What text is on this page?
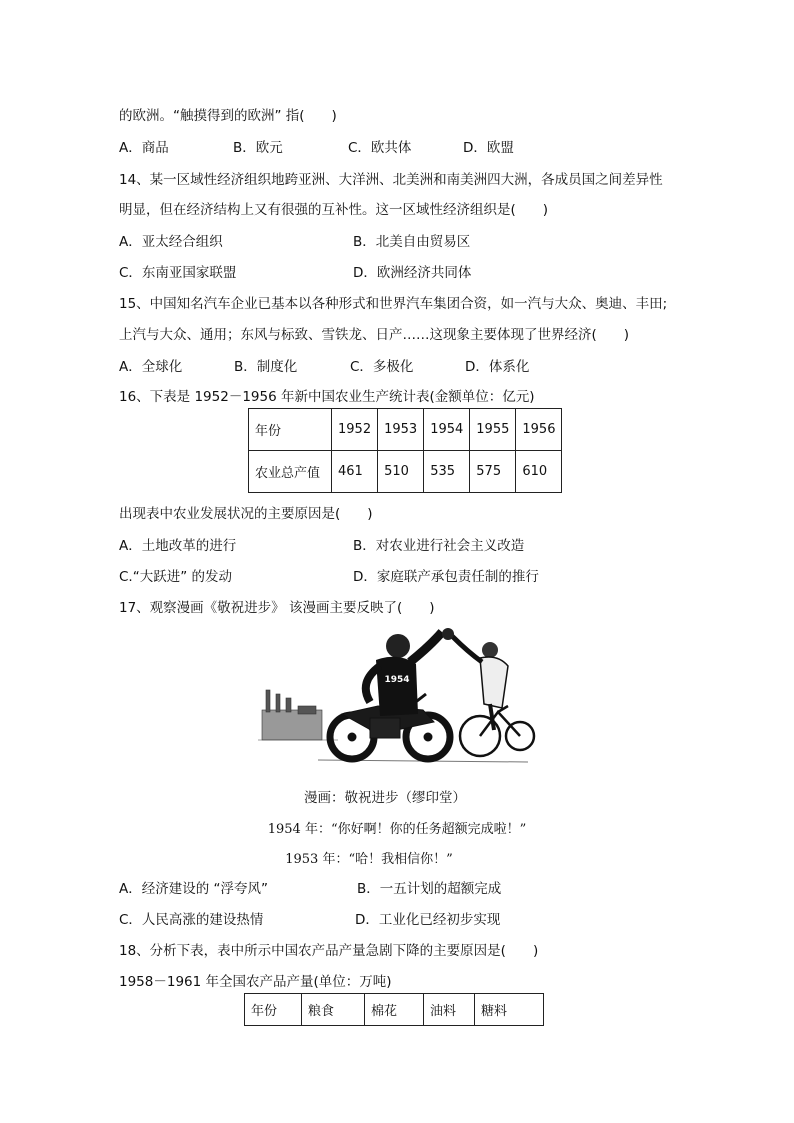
的欧洲。“触摸得到的欧洲” 指(　　)
A．商品	B．欧元	C．欧共体	D．欧盟
14、某一区域性经济组织地跨亚洲、大洋洲、北美洲和南美洲四大洲，各成员国之间差异性
明显，但在经济结构上又有很强的互补性。这一区域性经济组织是(　　)
A．亚太经合组织	B．北美自由贸易区
C．东南亚国家联盟	D．欧洲经济共同体
15、中国知名汽车企业已基本以各种形式和世界汽车集团合资，如一汽与大众、奥迪、丰田;
上汽与大众、通用；东风与标致、雪铁龙、日产……这现象主要体现了世界经济(　　)
A．全球化	B．制度化	C．多极化	D．体系化
16、下表是 1952－1956 年新中国农业生产统计表(金额单位：亿元)
年份	1952	1953	1954	1955	1956
农业总产值	461	510	535	575	610
出现表中农业发展状况的主要原因是(　　)
A．土地改革的进行	B．对农业进行社会主义改造
C.“大跃进” 的发动	D．家庭联产承包责任制的推行
17、观察漫画《敬祝进步》 该漫画主要反映了(　　)
1954
漫画：敬祝进步（缪印堂）
1954 年：“你好啊！你的任务超额完成啦！”
1953 年：“哈！我相信你！”
A．经济建设的 “浮夸风”	B．一五计划的超额完成
C．人民高涨的建设热情	D．工业化已经初步实现
18、分析下表，表中所示中国农产品产量急剧下降的主要原因是(　　)
1958－1961 年全国农产品产量(单位：万吨)
年份	粮食	棉花	油料	糖料
